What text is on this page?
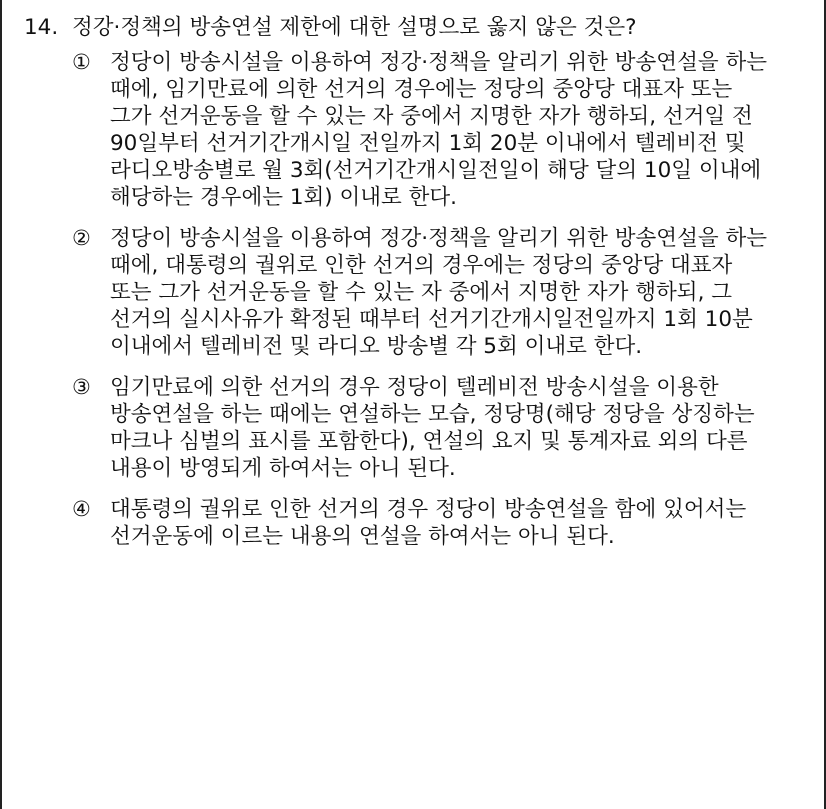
14. 정강·정책의 방송연설 제한에 대한 설명으로 옳지 않은 것은?
① 정당이 방송시설을 이용하여 정강·정책을 알리기 위한 방송연설을 하는 때에, 임기만료에 의한 선거의 경우에는 정당의 중앙당 대표자 또는 그가 선거운동을 할 수 있는 자 중에서 지명한 자가 행하되, 선거일 전 90일부터 선거기간개시일 전일까지 1회 20분 이내에서 텔레비전 및 라디오방송별로 월 3회(선거기간개시일전일이 해당 달의 10일 이내에 해당하는 경우에는 1회) 이내로 한다.
② 정당이 방송시설을 이용하여 정강·정책을 알리기 위한 방송연설을 하는 때에, 대통령의 궐위로 인한 선거의 경우에는 정당의 중앙당 대표자 또는 그가 선거운동을 할 수 있는 자 중에서 지명한 자가 행하되, 그 선거의 실시사유가 확정된 때부터 선거기간개시일전일까지 1회 10분 이내에서 텔레비전 및 라디오 방송별 각 5회 이내로 한다.
③ 임기만료에 의한 선거의 경우 정당이 텔레비전 방송시설을 이용한 방송연설을 하는 때에는 연설하는 모습, 정당명(해당 정당을 상징하는 마크나 심벌의 표시를 포함한다), 연설의 요지 및 통계자료 외의 다른 내용이 방영되게 하여서는 아니 된다.
④ 대통령의 궐위로 인한 선거의 경우 정당이 방송연설을 함에 있어서는 선거운동에 이르는 내용의 연설을 하여서는 아니 된다.
